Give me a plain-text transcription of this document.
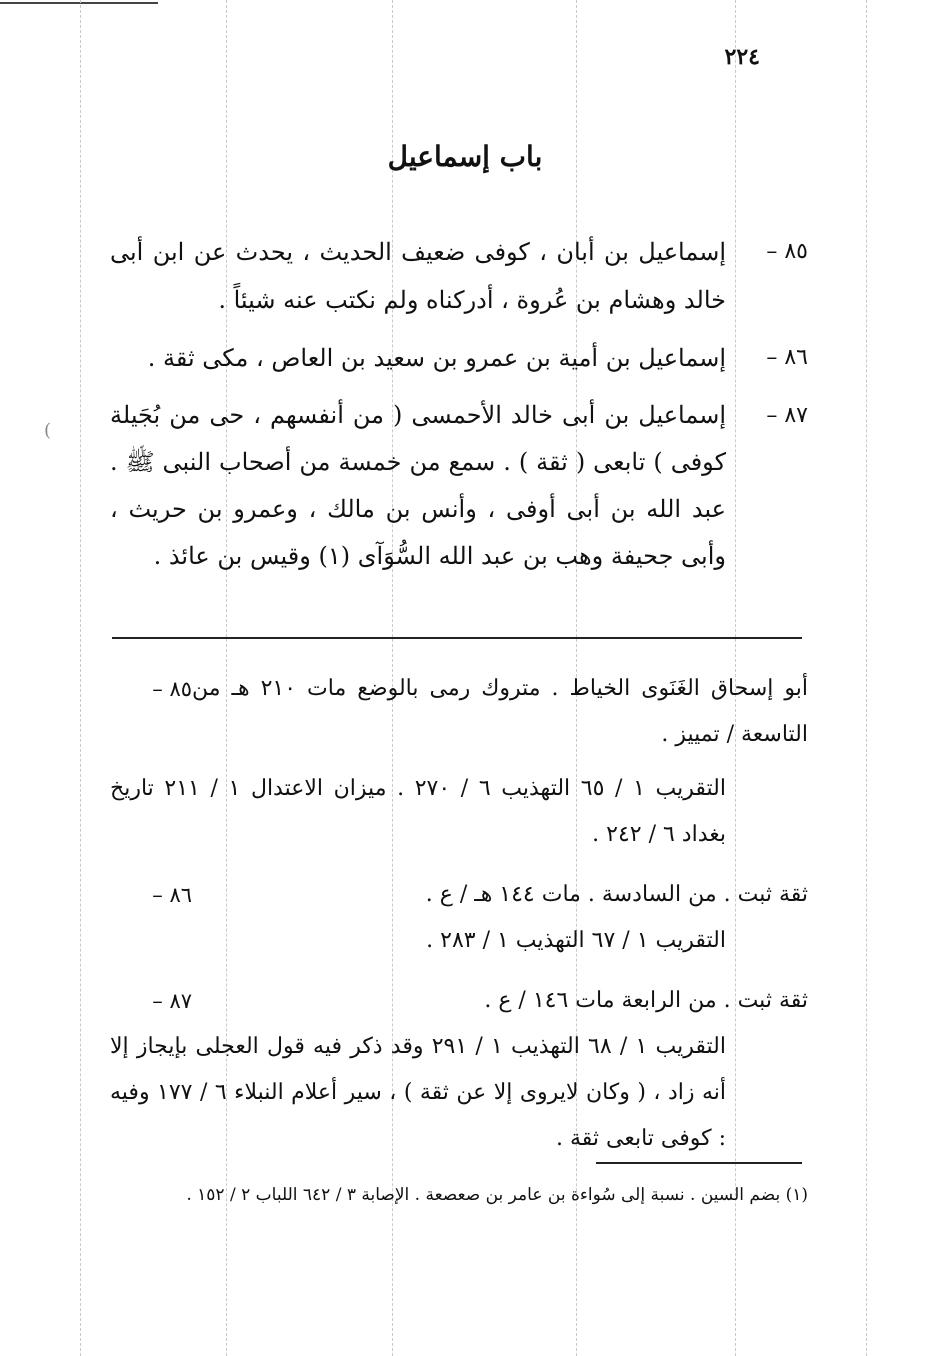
(
٢٢٤
باب إسماعيل
٨٥ –
إسماعيل بن أبان ، كوفى ضعيف الحديث ، يحدث عن ابن أبى خالد وهشام بن عُروة ، أدركناه ولم نكتب عنه شيئاً .
٨٦ –
إسماعيل بن أمية بن عمرو بن سعيد بن العاص ، مكى ثقة .
٨٧ –
إسماعيل بن أبى خالد الأحمسى ( من أنفسهم ، حى من بُجَيلة كوفى ) تابعى ( ثقة ) . سمع من خمسة من أصحاب النبى ﷺ . عبد الله بن أبى أوفى ، وأنس بن مالك ، وعمرو بن حريث ، وأبى جحيفة وهب بن عبد الله السُّوَآى (١) وقيس بن عائذ .
٨٥ – أبو إسحاق الغَنَوى الخياط . متروك رمى بالوضع مات ٢١٠ هـ من التاسعة / تمييز .
التقريب ١ / ٦٥ التهذيب ٦ / ٢٧٠ . ميزان الاعتدال ١ / ٢١١ تاريخ بغداد ٦ / ٢٤٢ .
٨٦ –	ثقة ثبت . من السادسة . مات ١٤٤ هـ / ع .
التقريب ١ / ٦٧ التهذيب ١ / ٢٨٣ .
٨٧ –	ثقة ثبت . من الرابعة مات ١٤٦ / ع .
التقريب ١ / ٦٨ التهذيب ١ / ٢٩١ وقد ذكر فيه قول العجلى بإيجاز إلا أنه زاد ، ( وكان لايروى إلا عن ثقة ) ، سير أعلام النبلاء ٦ / ١٧٧ وفيه : كوفى تابعى ثقة .
(١) بضم السين . نسبة إلى سُواءة بن عامر بن صعصعة . الإصابة ٣ / ٦٤٢ اللباب ٢ / ١٥٢ .
